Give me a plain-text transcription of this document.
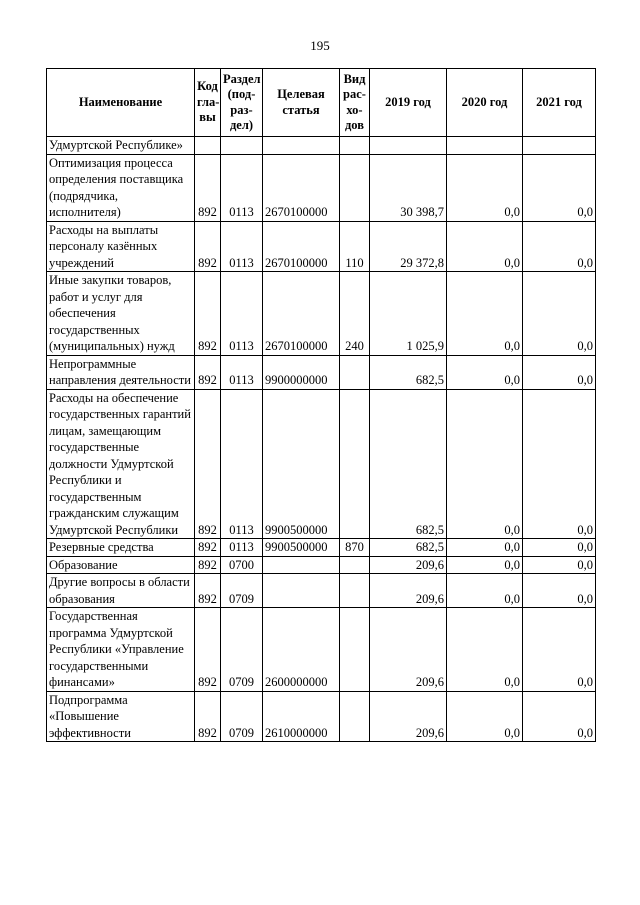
195
Наименование	Код гла- вы	Раздел (под- раз- дел)	Целевая статья	Вид рас- хо- дов	2019 год	2020 год	2021 год
Удмуртской Республике»							
Оптимизация процесса определения поставщика (подрядчика, исполнителя)	892	0113	2670100000		30 398,7	0,0	0,0
Расходы на выплаты персоналу казённых учреждений	892	0113	2670100000	110	29 372,8	0,0	0,0
Иные закупки товаров, работ и услуг для обеспечения государственных (муниципальных) нужд	892	0113	2670100000	240	1 025,9	0,0	0,0
Непрограммные направления деятельности	892	0113	9900000000		682,5	0,0	0,0
Расходы на обеспечение государственных гарантий лицам, замещающим государственные должности Удмуртской Республики и государственным гражданским служащим Удмуртской Республики	892	0113	9900500000		682,5	0,0	0,0
Резервные средства	892	0113	9900500000	870	682,5	0,0	0,0
Образование	892	0700			209,6	0,0	0,0
Другие вопросы в области образования	892	0709			209,6	0,0	0,0
Государственная программа Удмуртской Республики «Управление государственными финансами»	892	0709	2600000000		209,6	0,0	0,0
Подпрограмма «Повышение эффективности	892	0709	2610000000		209,6	0,0	0,0
